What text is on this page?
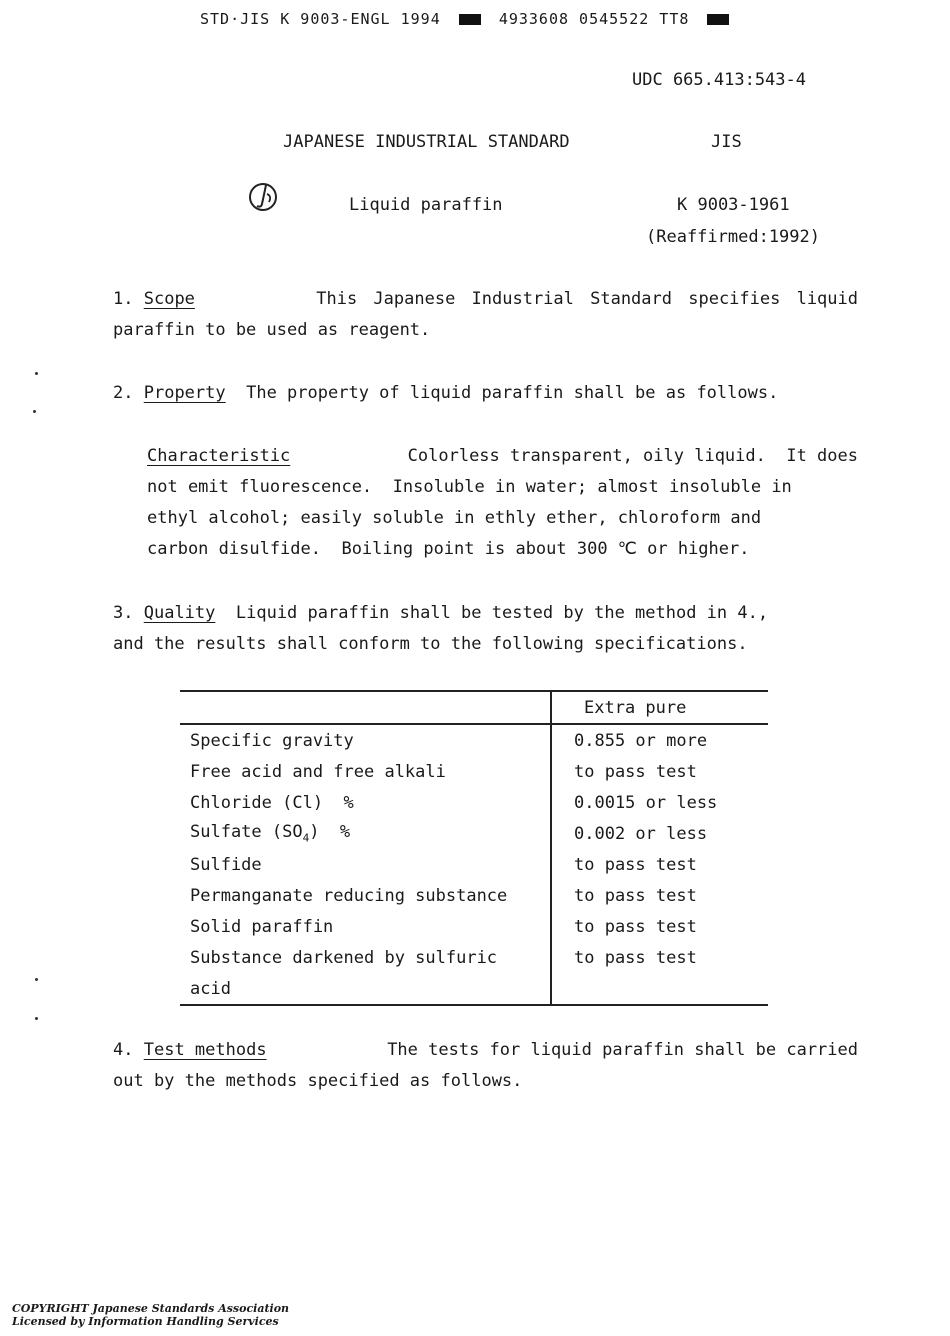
STD·JIS K 9003-ENGL 1994	4933608 0545522 TT8
UDC 665.413:543-4
JAPANESE INDUSTRIAL STANDARD	JIS
Liquid paraffin	K 9003-1961
(Reaffirmed:1992)
1. Scope	This Japanese Industrial Standard specifies liquid
paraffin to be used as reagent.
2. Property The property of liquid paraffin shall be as follows.
Characteristic	Colorless transparent, oily liquid.  It does
not emit fluorescence.  Insoluble in water; almost insoluble in
ethyl alcohol; easily soluble in ethly ether, chloroform and
carbon disulfide.  Boiling point is about 300 ℃ or higher.
3. Quality Liquid paraffin shall be tested by the method in 4.,
and the results shall conform to the following specifications.
	Extra pure
Specific gravity	0.855 or more
Free acid and free alkali	to pass test
Chloride (Cl)  %	0.0015 or less
Sulfate $(SO_4)$  %	0.002 or less
Sulfide	to pass test
Permanganate reducing substance	to pass test
Solid paraffin	to pass test
Substance darkened by sulfuric	to pass test
acid	
4. Test methods	The tests for liquid paraffin shall be carried
out by the methods specified as follows.
COPYRIGHT Japanese Standards Association
Licensed by Information Handling Services
